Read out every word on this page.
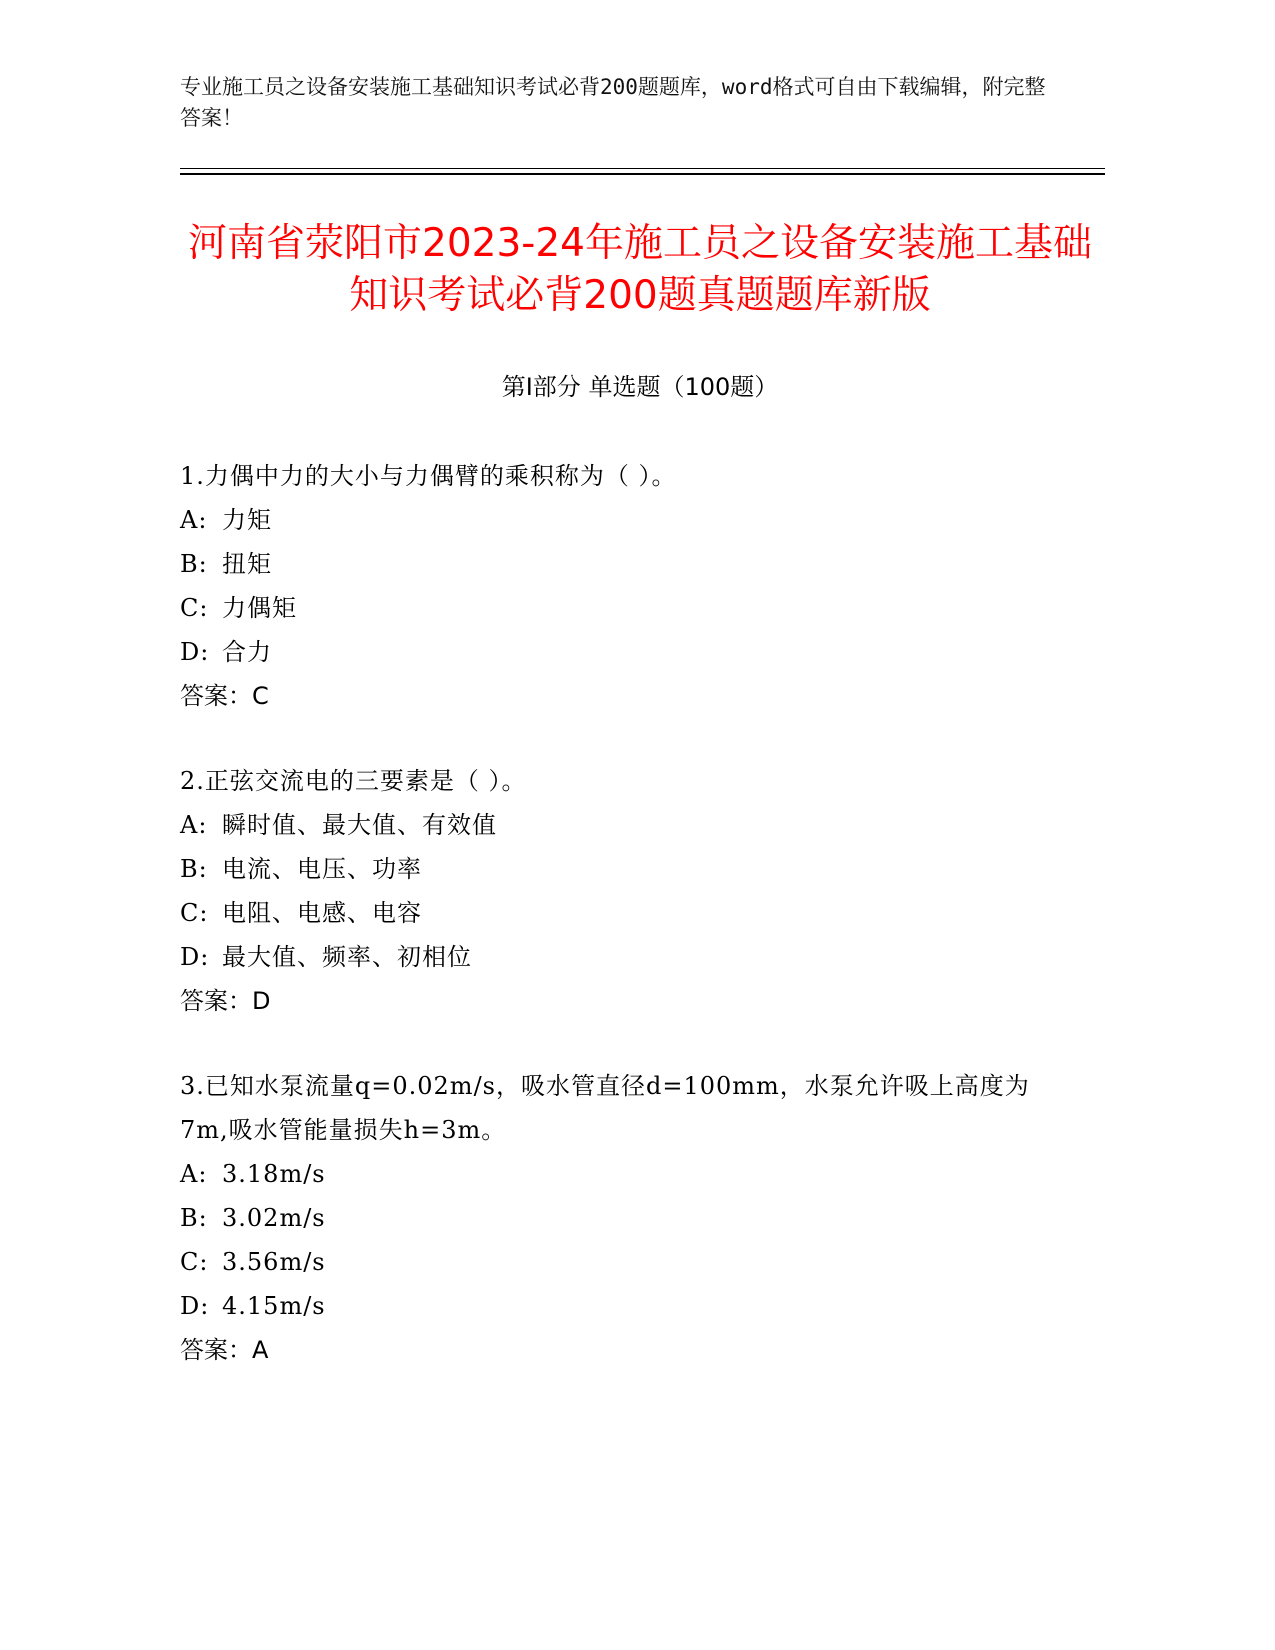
专业施工员之设备安装施工基础知识考试必背200题题库，word格式可自由下载编辑，附完整答案！
河南省荥阳市2023-24年施工员之设备安装施工基础知识考试必背200题真题题库新版
第I部分 单选题（100题）
1.力偶中力的大小与力偶臂的乘积称为（ ）。
A: 力矩
B: 扭矩
C: 力偶矩
D: 合力
答案：C
2.正弦交流电的三要素是（ ）。
A: 瞬时值、最大值、有效值
B: 电流、电压、功率
C: 电阻、电感、电容
D: 最大值、频率、初相位
答案：D
3.已知水泵流量q=0.02m/s，吸水管直径d=100mm，水泵允许吸上高度为7m,吸水管能量损失h=3m。
A: 3.18m/s
B: 3.02m/s
C: 3.56m/s
D: 4.15m/s
答案：A
